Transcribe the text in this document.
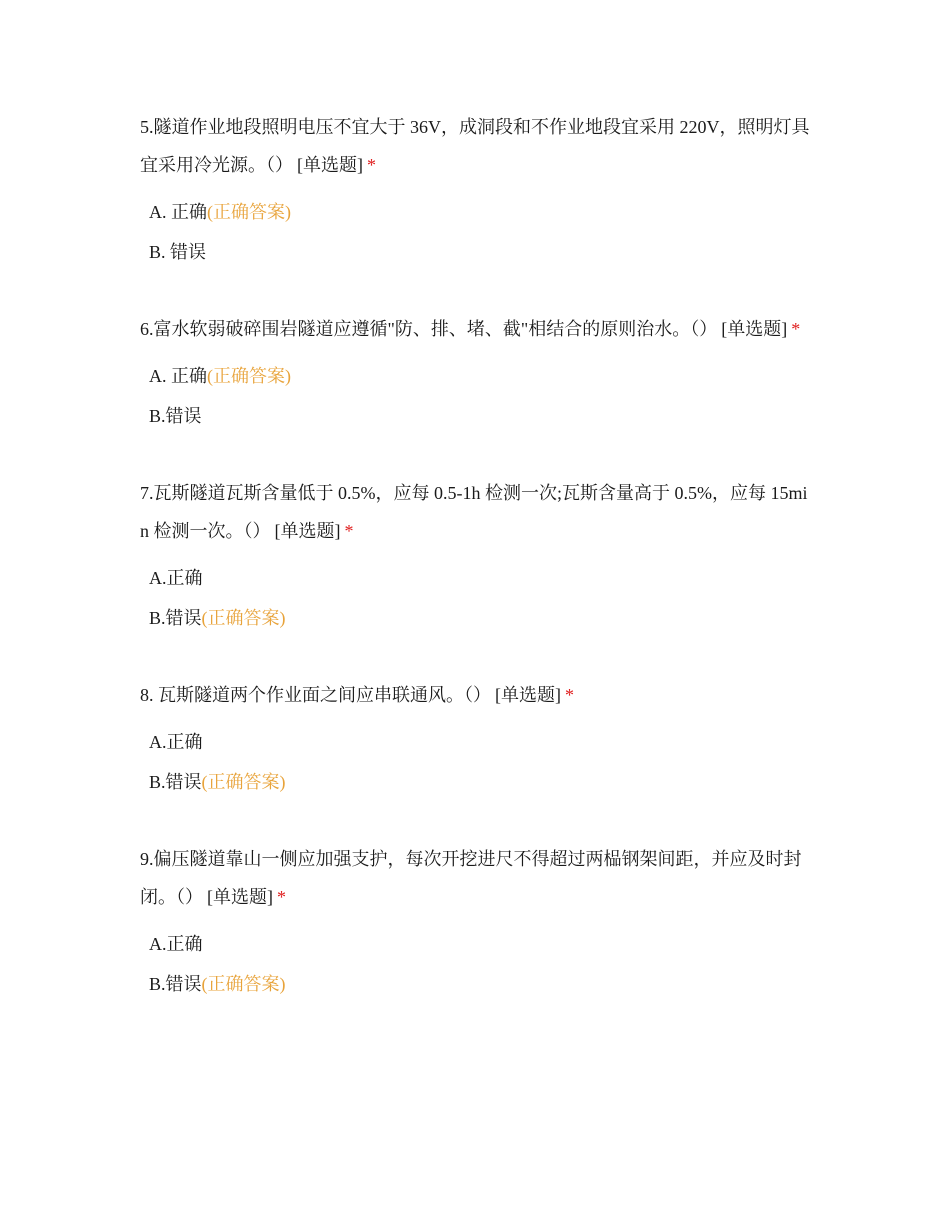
5.隧道作业地段照明电压不宜大于 36V，成洞段和不作业地段宜采用 220V，照明灯具宜采用冷光源。（） [单选题] *

A. 正确(正确答案)
B. 错误

6.富水软弱破碎围岩隧道应遵循"防、排、堵、截"相结合的原则治水。（） [单选题] *

A. 正确(正确答案)
B.错误

7.瓦斯隧道瓦斯含量低于 0.5%，应每 0.5-1h 检测一次;瓦斯含量高于 0.5%，应每 15min 检测一次。（） [单选题] *

A.正确
B.错误(正确答案)

8. 瓦斯隧道两个作业面之间应串联通风。（） [单选题] *

A.正确
B.错误(正确答案)

9.偏压隧道靠山一侧应加强支护，每次开挖进尺不得超过两榀钢架间距，并应及时封闭。（） [单选题] *

A.正确
B.错误(正确答案)
